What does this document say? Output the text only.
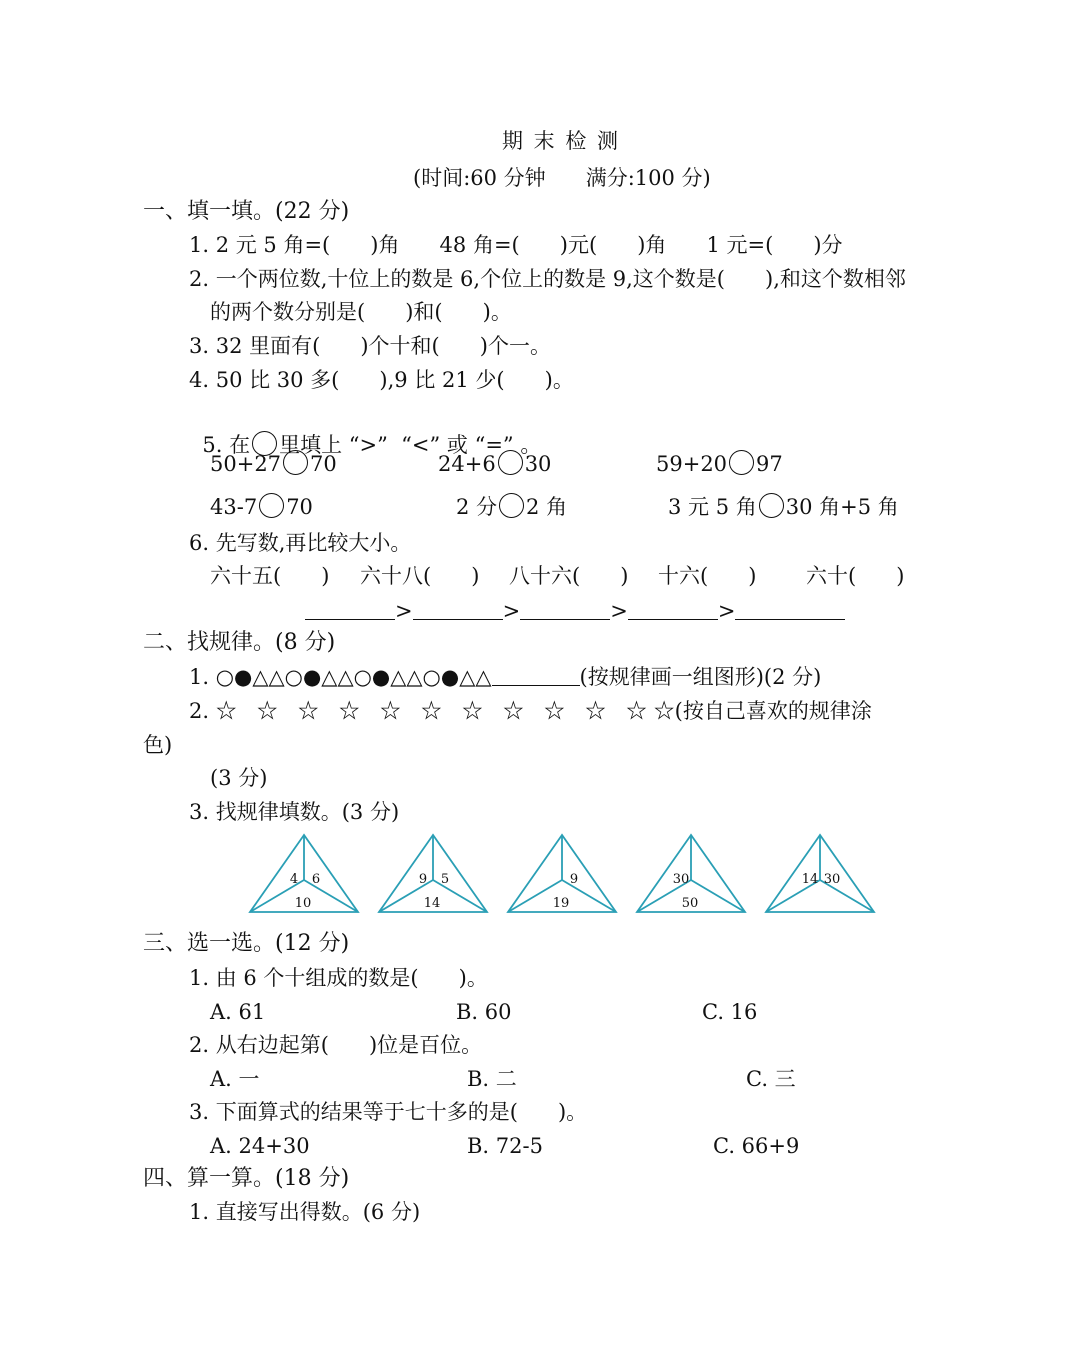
期 末 检 测
(时间:60 分钟      满分:100 分)
一、填一填。(22 分)
1. 2 元 5 角=(      )角      48 角=(      )元(      )角      1 元=(      )分
2. 一个两位数,十位上的数是 6,个位上的数是 9,这个数是(      ),和这个数相邻
的两个数分别是(      )和(      )。
3. 32 里面有(      )个十和(      )个一。
4. 50 比 30 多(      ),9 比 21 少(      )。

5. 在 里填上 “>”  “<” 或 “=” 。

50+27 70	24+6 30	59+20 97
43-7 70	2 分 2 角	3 元 5 角 30 角+5 角
6. 先写数,再比较大小。
六十五(      ) 六十八(      ) 八十六(      ) 十六(      ) 六十(      )
>	>	>	>
二、找规律。(8 分)
1. ○●△△○●△△○●△△○●△△	(按规律画一组图形)(2 分)
2. ☆   ☆   ☆   ☆   ☆   ☆   ☆   ☆   ☆   ☆   ☆ ☆(按自己喜欢的规律涂
色)
(3 分)
3. 找规律填数。(3 分)
4 6
10
9 5
14
9
19
30
50
14 30
三、选一选。(12 分)
1. 由 6 个十组成的数是(      )。
A. 61	B. 60	C. 16
2. 从右边起第(      )位是百位。
A. 一	B. 二	C. 三
3. 下面算式的结果等于七十多的是(      )。
A. 24+30	B. 72-5	C. 66+9
四、算一算。(18 分)
1. 直接写出得数。(6 分)
